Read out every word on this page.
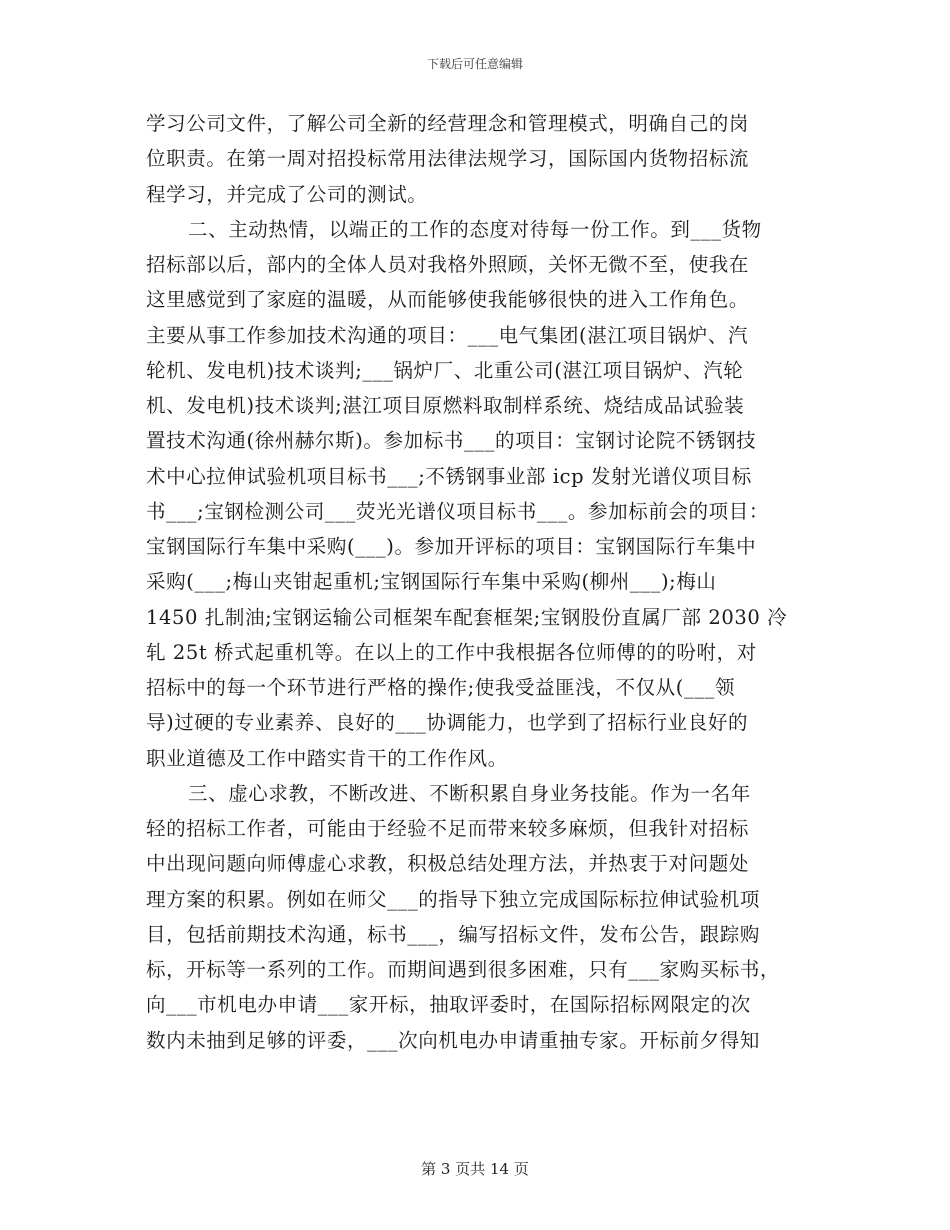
下载后可任意编辑
学习公司文件，了解公司全新的经营理念和管理模式，明确自己的岗
位职责。在第一周对招投标常用法律法规学习，国际国内货物招标流
程学习，并完成了公司的测试。
二、主动热情，以端正的工作的态度对待每一份工作。到___货物
招标部以后，部内的全体人员对我格外照顾，关怀无微不至，使我在
这里感觉到了家庭的温暖，从而能够使我能够很快的进入工作角色。
主要从事工作参加技术沟通的项目：___电气集团(湛江项目锅炉、汽
轮机、发电机)技术谈判;___锅炉厂、北重公司(湛江项目锅炉、汽轮
机、发电机)技术谈判;湛江项目原燃料取制样系统、烧结成品试验装
置技术沟通(徐州赫尔斯)。参加标书___的项目：宝钢讨论院不锈钢技
术中心拉伸试验机项目标书___;不锈钢事业部 icp 发射光谱仪项目标
书___;宝钢检测公司___荧光光谱仪项目标书___。参加标前会的项目：
宝钢国际行车集中采购(___)。参加开评标的项目：宝钢国际行车集中
采购(___;梅山夹钳起重机;宝钢国际行车集中采购(柳州___);梅山
1450 扎制油;宝钢运输公司框架车配套框架;宝钢股份直属厂部 2030 冷
轧 25t 桥式起重机等。在以上的工作中我根据各位师傅的的吩咐，对
招标中的每一个环节进行严格的操作;使我受益匪浅，不仅从(___领
导)过硬的专业素养、良好的___协调能力，也学到了招标行业良好的
职业道德及工作中踏实肯干的工作作风。
三、虚心求教，不断改进、不断积累自身业务技能。作为一名年
轻的招标工作者，可能由于经验不足而带来较多麻烦，但我针对招标
中出现问题向师傅虚心求教，积极总结处理方法，并热衷于对问题处
理方案的积累。例如在师父___的指导下独立完成国际标拉伸试验机项
目，包括前期技术沟通，标书___，编写招标文件，发布公告，跟踪购
标，开标等一系列的工作。而期间遇到很多困难，只有___家购买标书，
向___市机电办申请___家开标，抽取评委时，在国际招标网限定的次
数内未抽到足够的评委，___次向机电办申请重抽专家。开标前夕得知
第 3 页共 14 页
